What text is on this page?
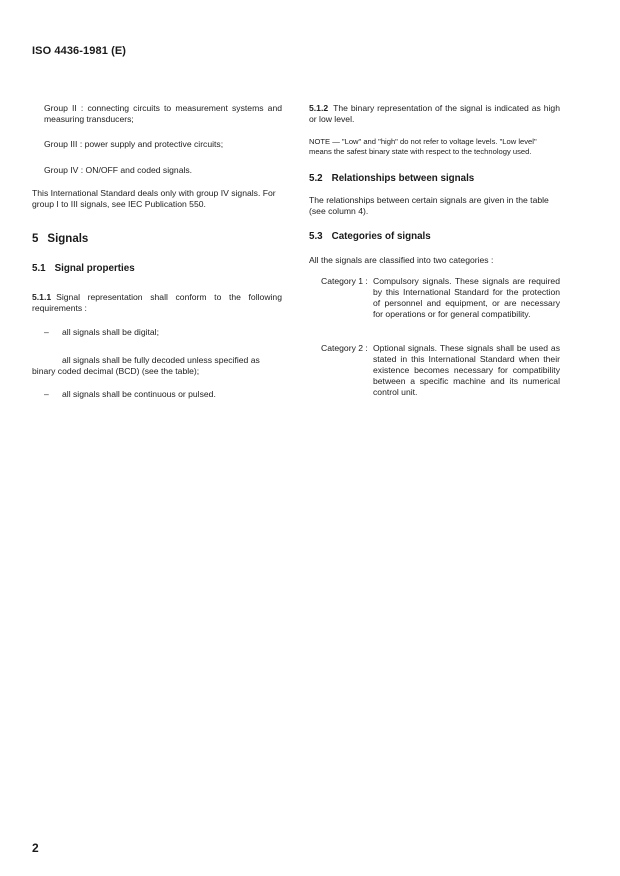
ISO 4436-1981 (E)
Group II : connecting circuits to measurement systems and measuring transducers;
Group III : power supply and protective circuits;
Group IV : ON/OFF and coded signals.
This International Standard deals only with group IV signals. For group I to III signals, see IEC Publication 550.
5 Signals
5.1 Signal properties
5.1.1 Signal representation shall conform to the following requirements :
– all signals shall be digital;
all signals shall be fully decoded unless specified as binary coded decimal (BCD) (see the table);
– all signals shall be continuous or pulsed.
5.1.2 The binary representation of the signal is indicated as high or low level.
NOTE — "Low" and "high" do not refer to voltage levels. "Low level" means the safest binary state with respect to the technology used.
5.2 Relationships between signals
The relationships between certain signals are given in the table (see column 4).
5.3 Categories of signals
All the signals are classified into two categories :
Category 1 : Compulsory signals. These signals are required by this International Standard for the protection of personnel and equipment, or are necessary for operations or for general compatibility.
Category 2 : Optional signals. These signals shall be used as stated in this International Standard when their existence becomes necessary for compatibility between a specific machine and its numerical control unit.
2
